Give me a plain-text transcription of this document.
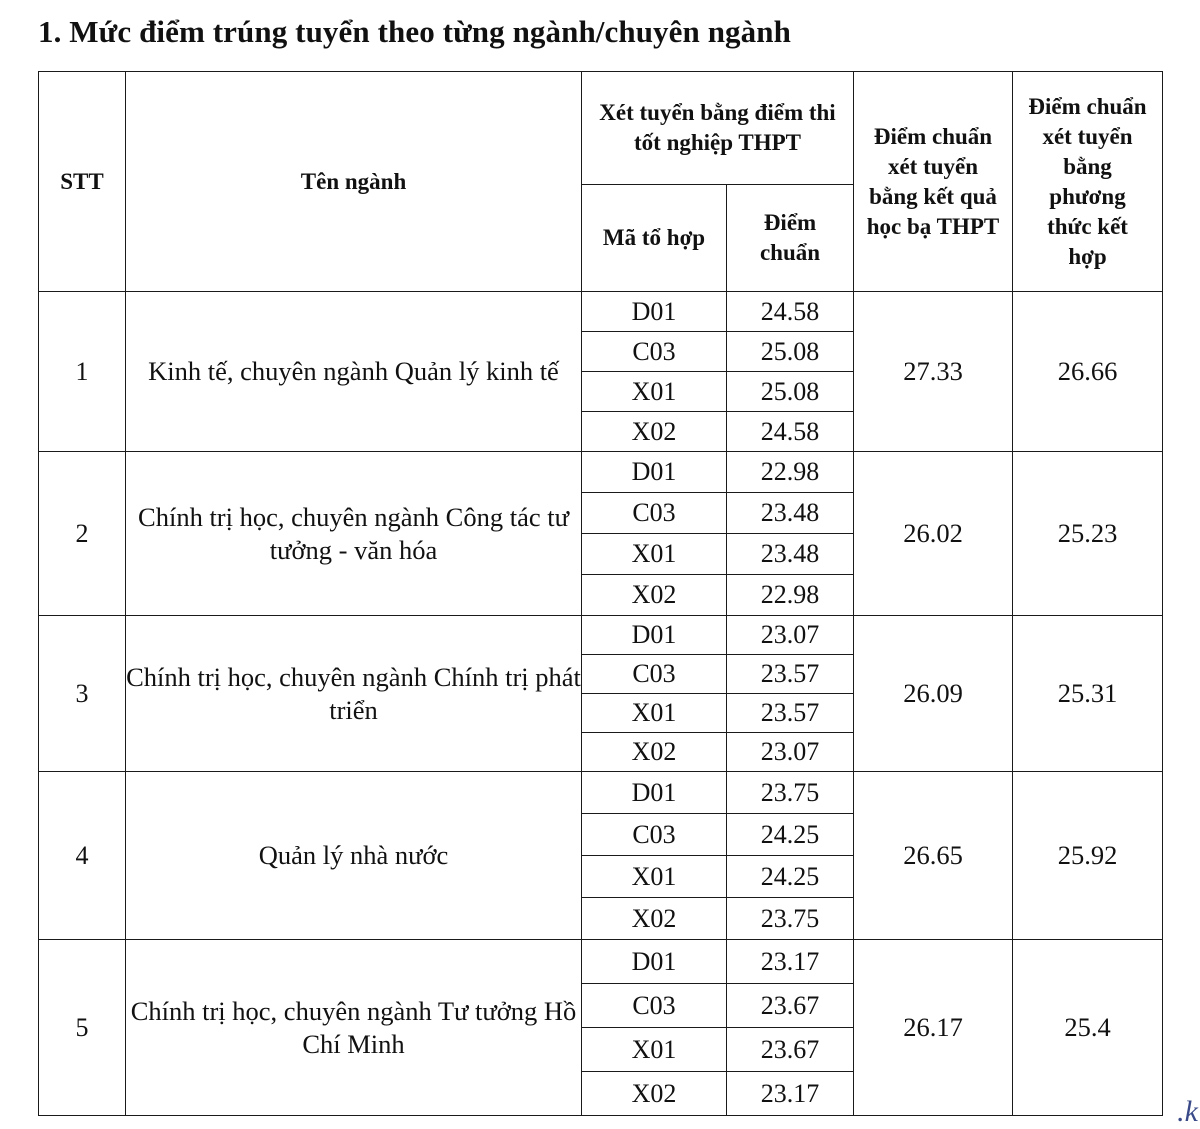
1. Mức điểm trúng tuyển theo từng ngành/chuyên ngành
STT	Tên ngành	Xét tuyển bằng điểm thi tốt nghiệp THPT		Điểm chuẩn xét tuyển bằng kết quả học bạ THPT	Điểm chuẩn xét tuyển bằng phương thức kết hợp
		Mã tổ hợp	Điểm chuẩn		
1	Kinh tế, chuyên ngành Quản lý kinh tế	D01	24.58	27.33	26.66
		C03	25.08		
		X01	25.08		
		X02	24.58		
2	Chính trị học, chuyên ngành Công tác tư tưởng - văn hóa	D01	22.98	26.02	25.23
		C03	23.48		
		X01	23.48		
		X02	22.98		
3	Chính trị học, chuyên ngành Chính trị phát triển	D01	23.07	26.09	25.31
		C03	23.57		
		X01	23.57		
		X02	23.07		
4	Quản lý nhà nước	D01	23.75	26.65	25.92
		C03	24.25		
		X01	24.25		
		X02	23.75		
5	Chính trị học, chuyên ngành Tư tưởng Hồ Chí Minh	D01	23.17	26.17	25.4
		C03	23.67		
		X01	23.67		
		X02	23.17		
.k
